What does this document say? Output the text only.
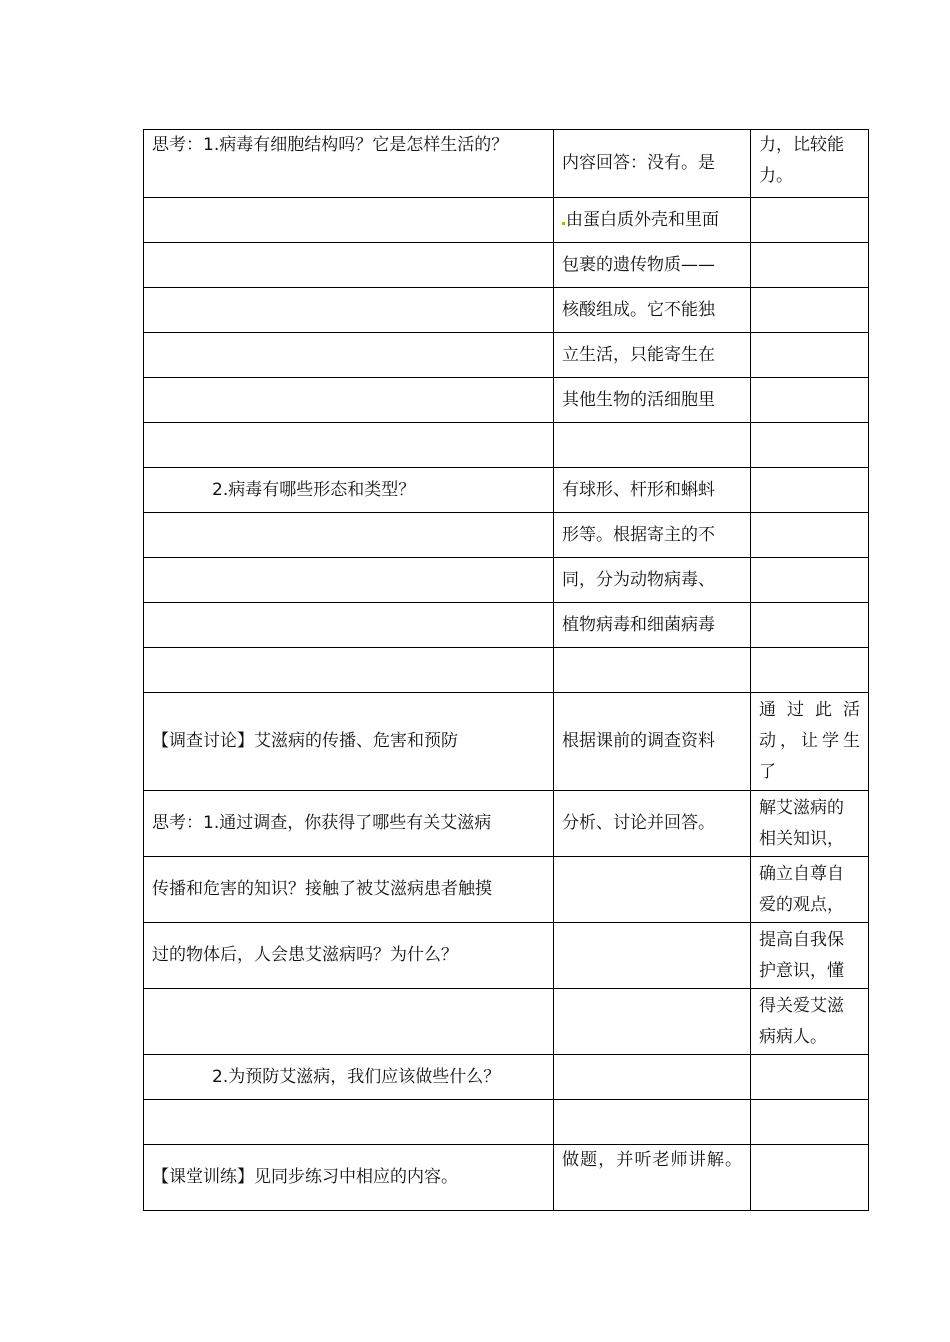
思考：1.病毒有细胞结构吗？它是怎样生活的？	内容回答：没有。是	力，比较能力。
	由蛋白质外壳和里面	
	包裹的遗传物质——	
	核酸组成。它不能独	
	立生活，只能寄生在	
	其他生物的活细胞里	

2.病毒有哪些形态和类型？	有球形、杆形和蝌蚪	
	形等。根据寄主的不	
	同，分为动物病毒、	
	植物病毒和细菌病毒	

【调查讨论】艾滋病的传播、危害和预防	根据课前的调查资料	通过此活动，让学生了
思考：1.通过调查，你获得了哪些有关艾滋病	分析、讨论并回答。	解艾滋病的相关知识，
传播和危害的知识？接触了被艾滋病患者触摸		确立自尊自爱的观点，
过的物体后，人会患艾滋病吗？为什么？		提高自我保护意识，懂
		得关爱艾滋病病人。
2.为预防艾滋病，我们应该做些什么？		

【课堂训练】见同步练习中相应的内容。	做题，并听老师讲解。	
